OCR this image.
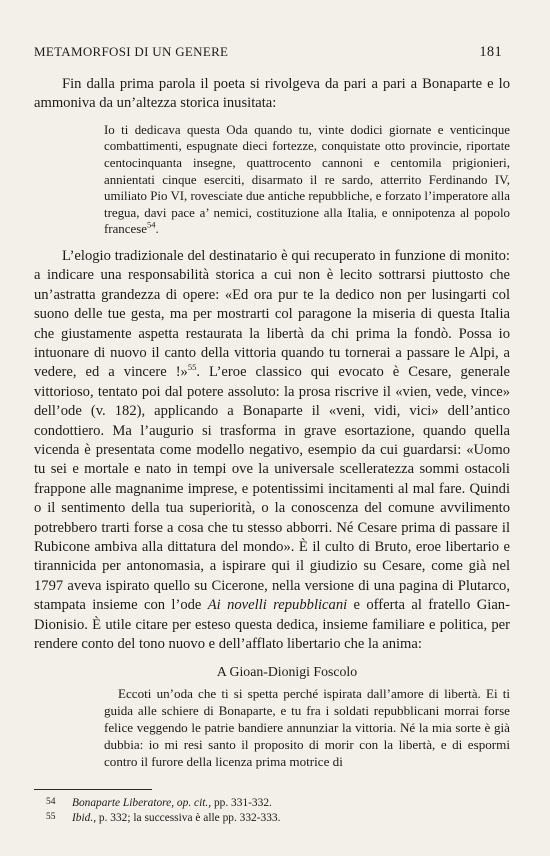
METAMORFOSI DI UN GENERE	181

Fin dalla prima parola il poeta si rivolgeva da pari a pari a Bonaparte e lo ammoniva da un’altezza storica inusitata:

Io ti dedicava questa Oda quando tu, vinte dodici giornate e venticinque combattimenti, espugnate dieci fortezze, conquistate otto provincie, riportate centocinquanta insegne, quattrocento cannoni e centomila prigionieri, annientati cinque eserciti, disarmato il re sardo, atterrito Ferdinando IV, umiliato Pio VI, rovesciate due antiche repubbliche, e forzato l’imperatore alla tregua, davi pace a’ nemici, costituzione alla Italia, e onnipotenza al popolo francese$^{54}$.

L’elogio tradizionale del destinatario è qui recuperato in funzione di monito: a indicare una responsabilità storica a cui non è lecito sottrarsi piuttosto che un’astratta grandezza di opere: «Ed ora pur te la dedico non per lusingarti col suono delle tue gesta, ma per mostrarti col paragone la miseria di questa Italia che giustamente aspetta restaurata la libertà da chi prima la fondò. Possa io intuonare di nuovo il canto della vittoria quando tu tornerai a passare le Alpi, a vedere, ed a vincere !»$^{55}$. L’eroe classico qui evocato è Cesare, generale vittorioso, tentato poi dal potere assoluto: la prosa riscrive il «vien, vede, vince» dell’ode (v. 182), applicando a Bonaparte il «veni, vidi, vici» dell’antico condottiero. Ma l’augurio si trasforma in grave esortazione, quando quella vicenda è presentata come modello negativo, esempio da cui guardarsi: «Uomo tu sei e mortale e nato in tempi ove la universale scelleratezza sommi ostacoli frappone alle magnanime imprese, e potentissimi incitamenti al mal fare. Quindi o il sentimento della tua superiorità, o la conoscenza del comune avvilimento potrebbero trarti forse a cosa che tu stesso abborri. Né Cesare prima di passare il Rubicone ambiva alla dittatura del mondo». È il culto di Bruto, eroe libertario e tirannicida per antonomasia, a ispirare qui il giudizio su Cesare, come già nel 1797 aveva ispirato quello su Cicerone, nella versione di una pagina di Plutarco, stampata insieme con l’ode Ai novelli repubblicani e offerta al fratello Gian-Dionisio. È utile citare per esteso questa dedica, insieme familiare e politica, per rendere conto del tono nuovo e dell’afflato libertario che la anima:

A Gioan-Dionigi Foscolo

Eccoti un’oda che ti si spetta perché ispirata dall’amore di libertà. Ei ti guida alle schiere di Bonaparte, e tu fra i soldati repubblicani morrai forse felice veggendo le patrie bandiere annunziar la vittoria. Né la mia sorte è già dubbia: io mi resi santo il proposito di morir con la libertà, e di espormi contro il furore della licenza prima motrice di

54	Bonaparte Liberatore, op. cit., pp. 331-332.
55	Ibid., p. 332; la successiva è alle pp. 332-333.
